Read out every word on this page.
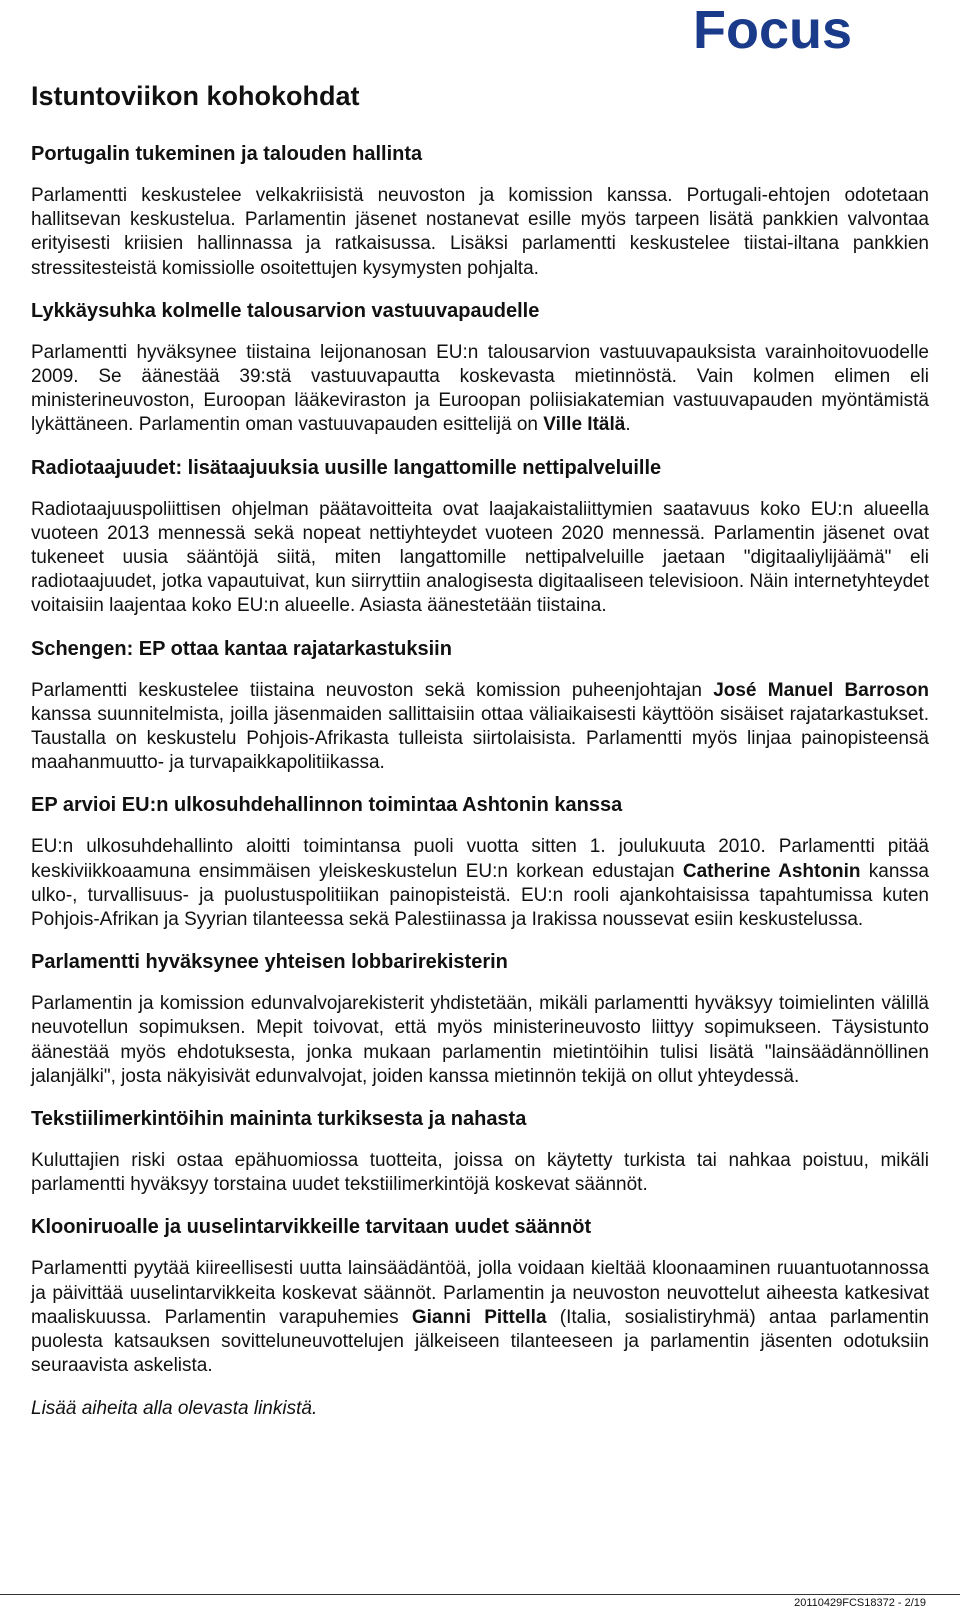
Focus
Istuntoviikon kohokohdat
Portugalin tukeminen ja talouden hallinta

Parlamentti keskustelee velkakriisistä neuvoston ja komission kanssa. Portugali-ehtojen odotetaan hallitsevan keskustelua. Parlamentin jäsenet nostanevat esille myös tarpeen lisätä pankkien valvontaa erityisesti kriisien hallinnassa ja ratkaisussa. Lisäksi parlamentti keskustelee tiistai-iltana pankkien stressitesteistä komissiolle osoitettujen kysymysten pohjalta.

Lykkäysuhka kolmelle talousarvion vastuuvapaudelle

Parlamentti hyväksynee tiistaina leijonanosan EU:n talousarvion vastuuvapauksista varainhoitovuodelle 2009. Se äänestää 39:stä vastuuvapautta koskevasta mietinnöstä. Vain kolmen elimen eli ministerineuvoston, Euroopan lääkeviraston ja Euroopan poliisiakatemian vastuuvapauden myöntämistä lykättäneen. Parlamentin oman vastuuvapauden esittelijä on Ville Itälä.

Radiotaajuudet: lisätaajuuksia uusille langattomille nettipalveluille

Radiotaajuuspoliittisen ohjelman päätavoitteita ovat laajakaistaliittymien saatavuus koko EU:n alueella vuoteen 2013 mennessä sekä nopeat nettiyhteydet vuoteen 2020 mennessä. Parlamentin jäsenet ovat tukeneet uusia sääntöjä siitä, miten langattomille nettipalveluille jaetaan "digitaaliylijäämä" eli radiotaajuudet, jotka vapautuivat, kun siirryttiin analogisesta digitaaliseen televisioon. Näin internetyhteydet voitaisiin laajentaa koko EU:n alueelle. Asiasta äänestetään tiistaina.

Schengen: EP ottaa kantaa rajatarkastuksiin

Parlamentti keskustelee tiistaina neuvoston sekä komission puheenjohtajan José Manuel Barroson kanssa suunnitelmista, joilla jäsenmaiden sallittaisiin ottaa väliaikaisesti käyttöön sisäiset rajatarkastukset. Taustalla on keskustelu Pohjois-Afrikasta tulleista siirtolaisista. Parlamentti myös linjaa painopisteensä maahanmuutto- ja turvapaikkapolitiikassa.

EP arvioi EU:n ulkosuhdehallinnon toimintaa Ashtonin kanssa

EU:n ulkosuhdehallinto aloitti toimintansa puoli vuotta sitten 1. joulukuuta 2010. Parlamentti pitää keskiviikkoaamuna ensimmäisen yleiskeskustelun EU:n korkean edustajan Catherine Ashtonin kanssa ulko-, turvallisuus- ja puolustuspolitiikan painopisteistä. EU:n rooli ajankohtaisissa tapahtumissa kuten Pohjois-Afrikan ja Syyrian tilanteessa sekä Palestiinassa ja Irakissa noussevat esiin keskustelussa.

Parlamentti hyväksynee yhteisen lobbarirekisterin

Parlamentin ja komission edunvalvojarekisterit yhdistetään, mikäli parlamentti hyväksyy toimielinten välillä neuvotellun sopimuksen. Mepit toivovat, että myös ministerineuvosto liittyy sopimukseen. Täysistunto äänestää myös ehdotuksesta, jonka mukaan parlamentin mietintöihin tulisi lisätä "lainsäädännöllinen jalanjälki", josta näkyisivät edunvalvojat, joiden kanssa mietinnön tekijä on ollut yhteydessä.

Tekstiilimerkintöihin maininta turkiksesta ja nahasta

Kuluttajien riski ostaa epähuomiossa tuotteita, joissa on käytetty turkista tai nahkaa poistuu, mikäli parlamentti hyväksyy torstaina uudet tekstiilimerkintöjä koskevat säännöt.

Klooniruoalle ja uuselintarvikkeille tarvitaan uudet säännöt

Parlamentti pyytää kiireellisesti uutta lainsäädäntöä, jolla voidaan kieltää kloonaaminen ruuantuotannossa ja päivittää uuselintarvikkeita koskevat säännöt. Parlamentin ja neuvoston neuvottelut aiheesta katkesivat maaliskuussa. Parlamentin varapuhemies Gianni Pittella (Italia, sosialistiryhmä) antaa parlamentin puolesta katsauksen sovitteluneuvottelujen jälkeiseen tilanteeseen ja parlamentin jäsenten odotuksiin seuraavista askelista.

Lisää aiheita alla olevasta linkistä.

20110429FCS18372 - 2/19
